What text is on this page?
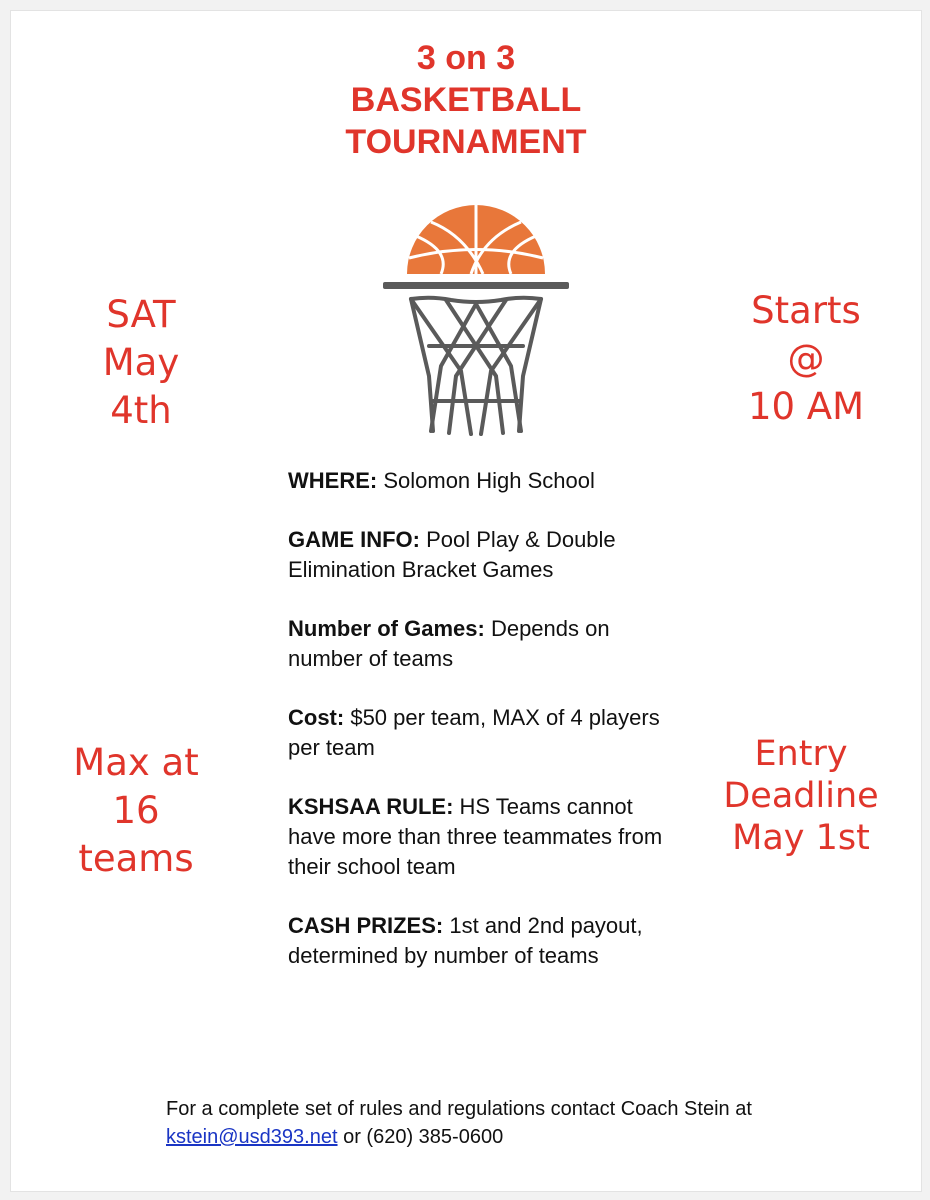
3 on 3
BASKETBALL
TOURNAMENT
SAT
May
4th
Starts
@
10 AM
Max at
16
teams
Entry
Deadline
May 1st
WHERE: Solomon High School
GAME INFO: Pool Play & Double Elimination Bracket Games
Number of Games: Depends on number of teams
Cost: $50 per team, MAX of 4 players per team
KSHSAA RULE: HS Teams cannot have more than three teammates from their school team
CASH PRIZES: 1st and 2nd payout, determined by number of teams
For a complete set of rules and regulations contact Coach Stein at
kstein@usd393.net or (620) 385-0600
